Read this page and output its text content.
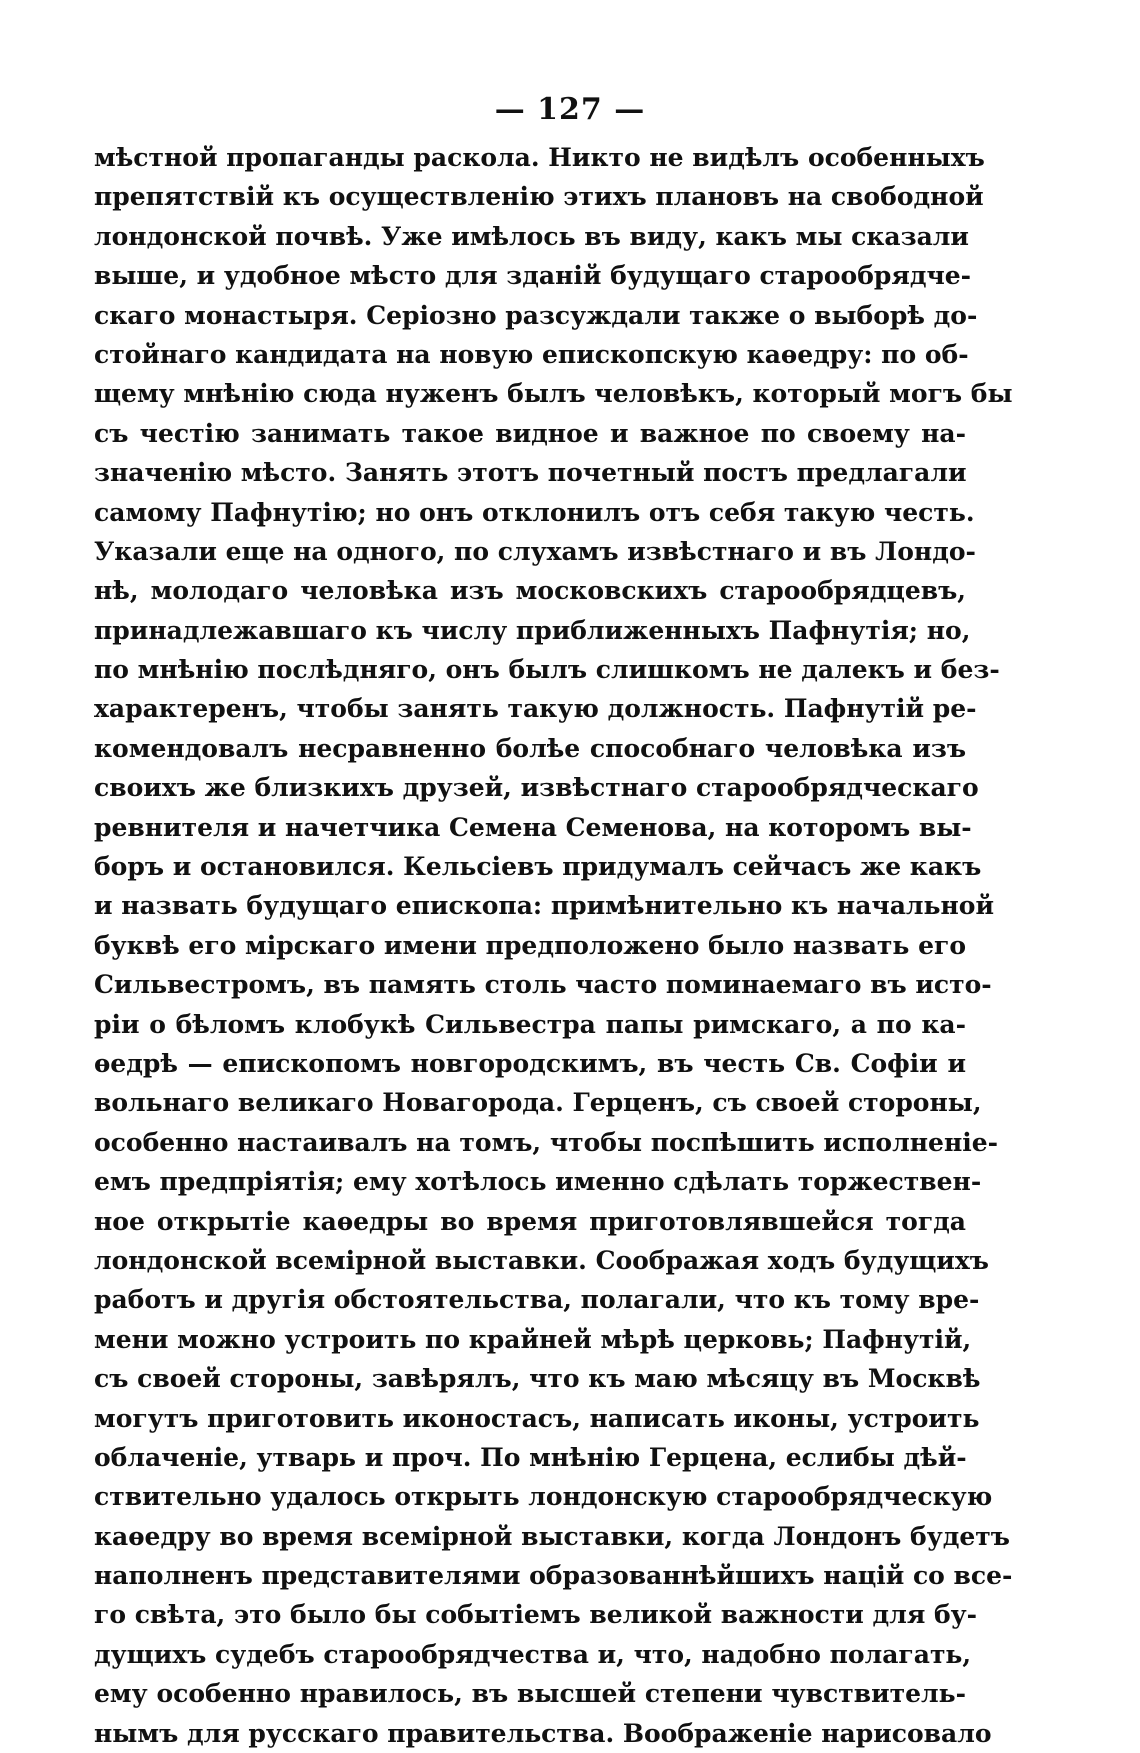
— 127 —
мѣстной пропаганды раскола. Никто не видѣлъ особенныхъ
препятствій къ осуществленію этихъ плановъ на свободной
лондонской почвѣ. Уже имѣлось въ виду, какъ мы сказали
выше, и удобное мѣсто для зданій будущаго старообрядче-
скаго монастыря. Серіозно разсуждали также о выборѣ до-
стойнаго кандидата на новую епископскую каѳедру: по об-
щему мнѣнію сюда нуженъ былъ человѣкъ, который могъ бы
съ честію занимать такое видное и важное по своему на-
значенію мѣсто. Занять этотъ почетный постъ предлагали
самому Пафнутію; но онъ отклонилъ отъ себя такую честь.
Указали еще на одного, по слухамъ извѣстнаго и въ Лондо-
нѣ, молодаго человѣка изъ московскихъ старообрядцевъ,
принадлежавшаго къ числу приближенныхъ Пафнутія; но,
по мнѣнію послѣдняго, онъ былъ слишкомъ не далекъ и без-
характеренъ, чтобы занять такую должность. Пафнутій ре-
комендовалъ несравненно болѣе способнаго человѣка изъ
своихъ же близкихъ друзей, извѣстнаго старообрядческаго
ревнителя и начетчика Семена Семенова, на которомъ вы-
боръ и остановился. Кельсіевъ придумалъ сейчасъ же какъ
и назвать будущаго епископа: примѣнительно къ начальной
буквѣ его мірскаго имени предположено было назвать его
Сильвестромъ, въ память столь часто поминаемаго въ исто-
ріи о бѣломъ клобукѣ Сильвестра папы римскаго, а по ка-
ѳедрѣ — епископомъ новгородскимъ, въ честь Св. Софіи и
вольнаго великаго Новагорода. Герценъ, съ своей стороны,
особенно настаивалъ на томъ, чтобы поспѣшить исполненіе-
емъ предпріятія; ему хотѣлось именно сдѣлать торжествен-
ное открытіе каѳедры во время приготовлявшейся тогда
лондонской всемірной выставки. Соображая ходъ будущихъ
работъ и другія обстоятельства, полагали, что къ тому вре-
мени можно устроить по крайней мѣрѣ церковь; Пафнутій,
съ своей стороны, завѣрялъ, что къ маю мѣсяцу въ Москвѣ
могутъ приготовить иконостасъ, написать иконы, устроить
облаченіе, утварь и проч. По мнѣнію Герцена, еслибы дѣй-
ствительно удалось открыть лондонскую старообрядческую
каѳедру во время всемірной выставки, когда Лондонъ будетъ
наполненъ представителями образованнѣйшихъ націй со все-
го свѣта, это было бы событіемъ великой важности для бу-
дущихъ судебъ старообрядчества и, что, надобно полагать,
ему особенно нравилось, въ высшей степени чувствитель-
нымъ для русскаго правительства. Воображеніе нарисовало
